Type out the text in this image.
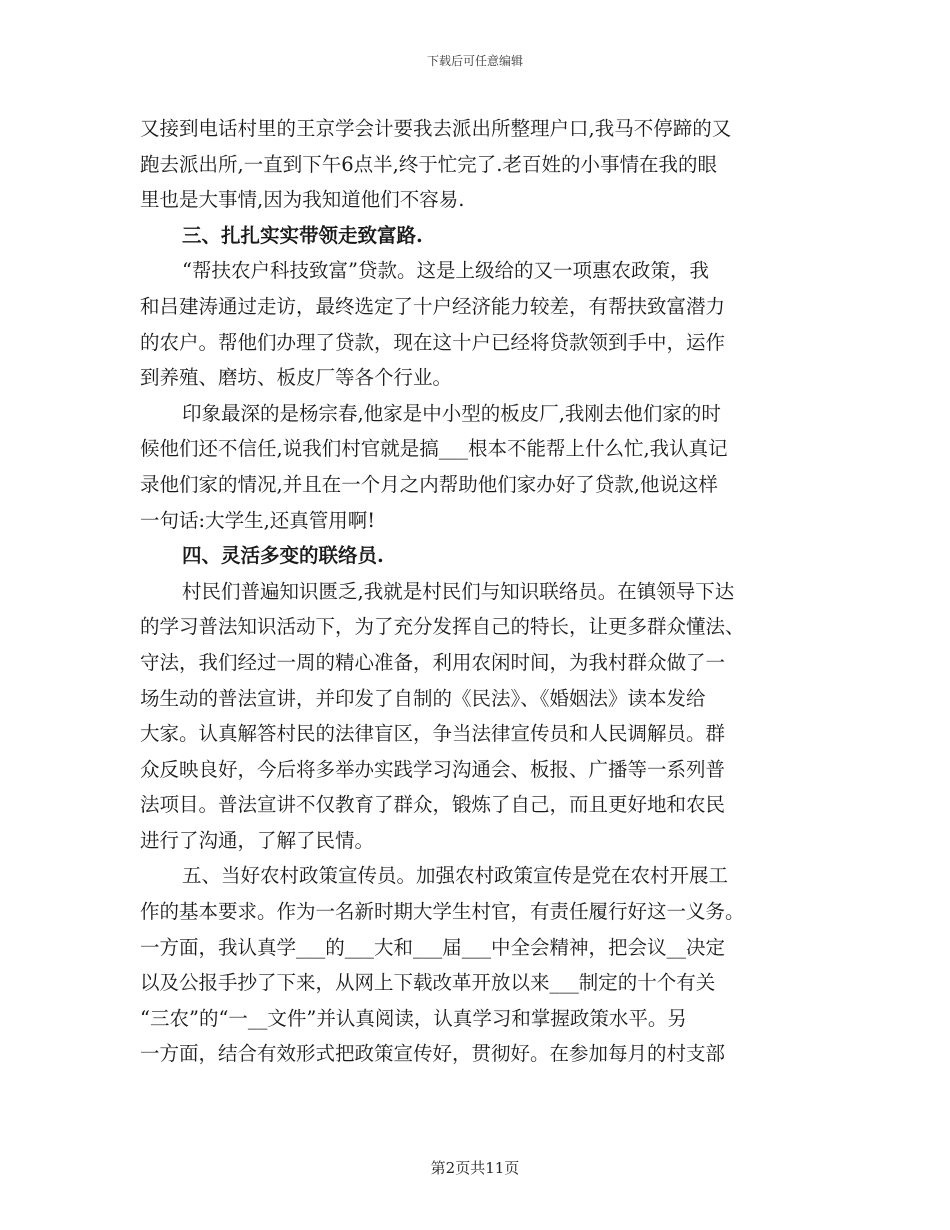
下载后可任意编辑
又接到电话村里的王京学会计要我去派出所整理户口,我马不停蹄的又
跑去派出所,一直到下午6点半,终于忙完了.老百姓的小事情在我的眼
里也是大事情,因为我知道他们不容易.
三、扎扎实实带领走致富路.
“帮扶农户科技致富”贷款。这是上级给的又一项惠农政策，我
和吕建涛通过走访，最终选定了十户经济能力较差，有帮扶致富潜力
的农户。帮他们办理了贷款，现在这十户已经将贷款领到手中，运作
到养殖、磨坊、板皮厂等各个行业。
印象最深的是杨宗春,他家是中小型的板皮厂,我刚去他们家的时
候他们还不信任,说我们村官就是搞___根本不能帮上什么忙,我认真记
录他们家的情况,并且在一个月之内帮助他们家办好了贷款,他说这样
一句话:大学生,还真管用啊!
四、灵活多变的联络员.
村民们普遍知识匮乏,我就是村民们与知识联络员。在镇领导下达
的学习普法知识活动下，为了充分发挥自己的特长，让更多群众懂法、
守法，我们经过一周的精心准备，利用农闲时间，为我村群众做了一
场生动的普法宣讲，并印发了自制的《民法》、《婚姻法》读本发给
大家。认真解答村民的法律盲区，争当法律宣传员和人民调解员。群
众反映良好，今后将多举办实践学习沟通会、板报、广播等一系列普
法项目。普法宣讲不仅教育了群众，锻炼了自己，而且更好地和农民
进行了沟通，了解了民情。
五、当好农村政策宣传员。加强农村政策宣传是党在农村开展工
作的基本要求。作为一名新时期大学生村官，有责任履行好这一义务。
一方面，我认真学___的___大和___届___中全会精神，把会议__决定
以及公报手抄了下来，从网上下载改革开放以来___制定的十个有关
“三农”的“一__文件”并认真阅读，认真学习和掌握政策水平。另
一方面，结合有效形式把政策宣传好，贯彻好。在参加每月的村支部
第2页共11页
